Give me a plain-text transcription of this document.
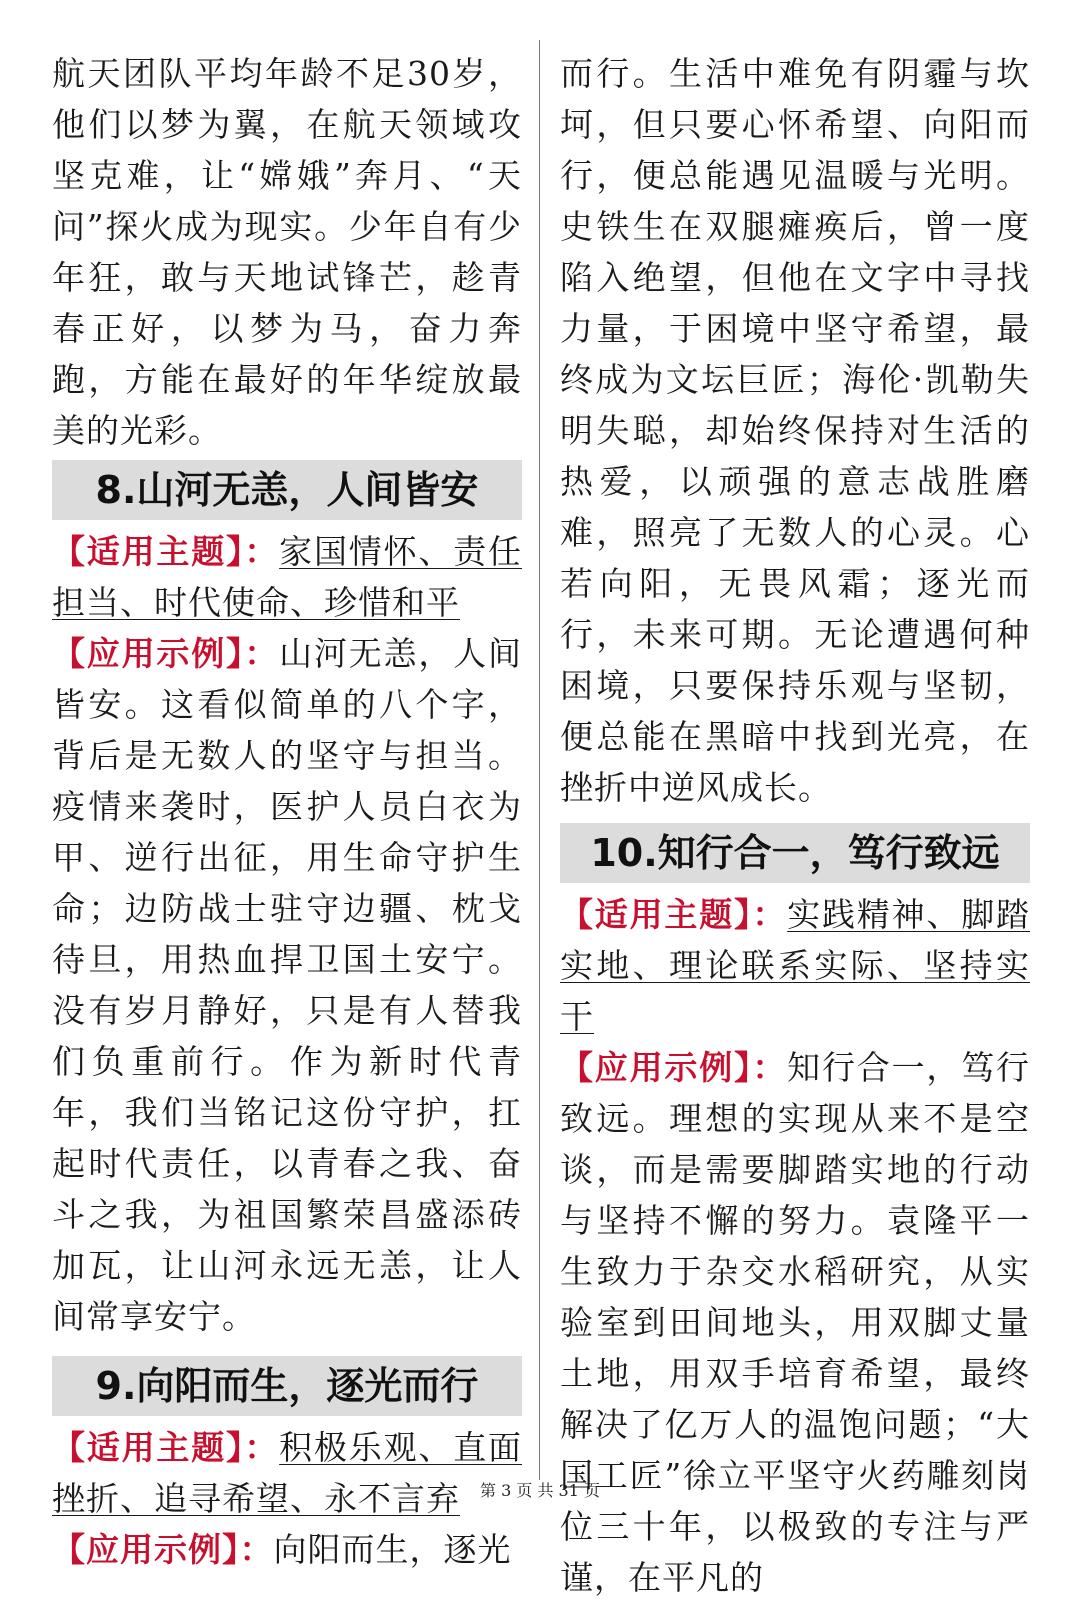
航天团队平均年龄不足30岁，他们以梦为翼，在航天领域攻坚克难，让“嫦娥”奔月、“天问”探火成为现实。少年自有少年狂，敢与天地试锋芒，趁青春正好，以梦为马，奋力奔跑，方能在最好的年华绽放最美的光彩。

8.山河无恙，人间皆安

【适用主题】：家国情怀、责任担当、时代使命、珍惜和平

【应用示例】：山河无恙，人间皆安。这看似简单的八个字，背后是无数人的坚守与担当。疫情来袭时，医护人员白衣为甲、逆行出征，用生命守护生命；边防战士驻守边疆、枕戈待旦，用热血捍卫国土安宁。没有岁月静好，只是有人替我们负重前行。作为新时代青年，我们当铭记这份守护，扛起时代责任，以青春之我、奋斗之我，为祖国繁荣昌盛添砖加瓦，让山河永远无恙，让人间常享安宁。

9.向阳而生，逐光而行

【适用主题】：积极乐观、直面挫折、追寻希望、永不言弃

【应用示例】：向阳而生，逐光

而行。生活中难免有阴霾与坎坷，但只要心怀希望、向阳而行，便总能遇见温暖与光明。史铁生在双腿瘫痪后，曾一度陷入绝望，但他在文字中寻找力量，于困境中坚守希望，最终成为文坛巨匠；海伦·凯勒失明失聪，却始终保持对生活的热爱，以顽强的意志战胜磨难，照亮了无数人的心灵。心若向阳，无畏风霜；逐光而行，未来可期。无论遭遇何种困境，只要保持乐观与坚韧，便总能在黑暗中找到光亮，在挫折中逆风成长。

10.知行合一，笃行致远

【适用主题】：实践精神、脚踏实地、理论联系实际、坚持实干

【应用示例】：知行合一，笃行致远。理想的实现从来不是空谈，而是需要脚踏实地的行动与坚持不懈的努力。袁隆平一生致力于杂交水稻研究，从实验室到田间地头，用双脚丈量土地，用双手培育希望，最终解决了亿万人的温饱问题；“大国工匠”徐立平坚守火药雕刻岗位三十年，以极致的专注与严谨，在平凡的

第 3 页 共 31 页
